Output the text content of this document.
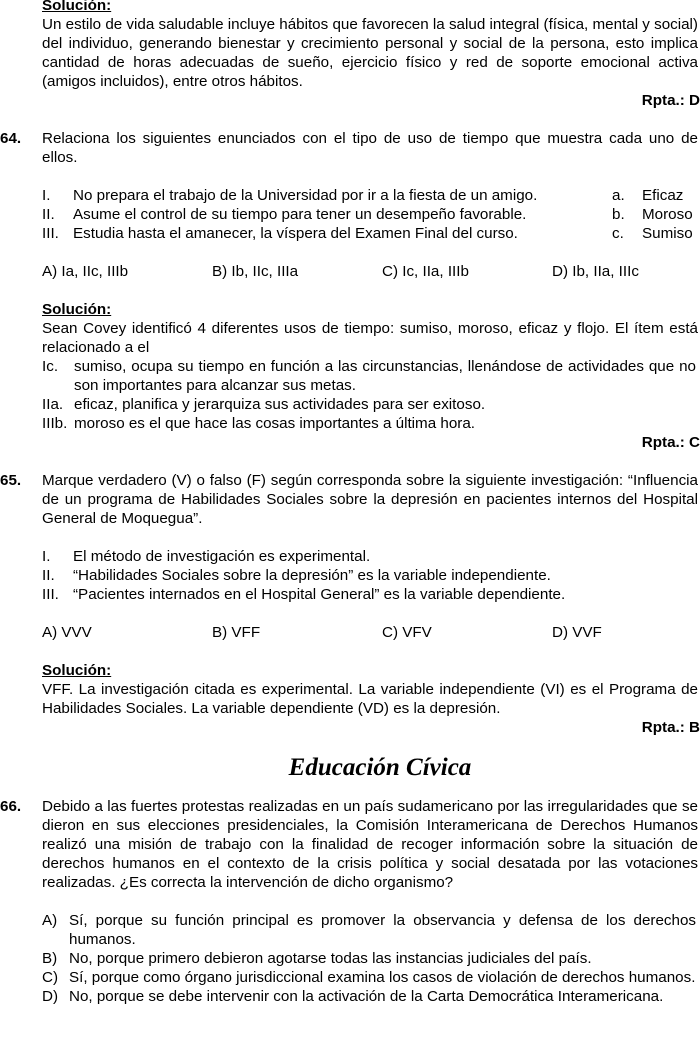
Solución:
Un estilo de vida saludable incluye hábitos que favorecen la salud integral (física, mental y social) del individuo, generando bienestar y crecimiento personal y social de la persona, esto implica cantidad de horas adecuadas de sueño, ejercicio físico y red de soporte emocional activa (amigos incluidos), entre otros hábitos.
Rpta.: D
64.	Relaciona los siguientes enunciados con el tipo de uso de tiempo que muestra cada uno de ellos.
I.	No prepara el trabajo de la Universidad por ir a la fiesta de un amigo.	a.	Eficaz
II.	Asume el control de su tiempo para tener un desempeño favorable.	b.	Moroso
III. Estudia hasta el amanecer, la víspera del Examen Final del curso.	c.	Sumiso
A) Ia, IIc, IIIb	B) Ib, IIc, IIIa	C) Ic, IIa, IIIb	D) Ib, IIa, IIIc
Solución:
Sean Covey identificó 4 diferentes usos de tiempo: sumiso, moroso, eficaz y flojo. El ítem está relacionado a el
Ic.	sumiso, ocupa su tiempo en función a las circunstancias, llenándose de actividades que no son importantes para alcanzar sus metas.
IIa. eficaz, planifica y jerarquiza sus actividades para ser exitoso.
IIIb. moroso es el que hace las cosas importantes a última hora.
Rpta.: C
65.	Marque verdadero (V) o falso (F) según corresponda sobre la siguiente investigación: “Influencia de un programa de Habilidades Sociales sobre la depresión en pacientes internos del Hospital General de Moquegua”.
I.	El método de investigación es experimental.
II.	“Habilidades Sociales sobre la depresión” es la variable independiente.
III. “Pacientes internados en el Hospital General” es la variable dependiente.
A) VVV	B) VFF	C) VFV	D) VVF
Solución:
VFF. La investigación citada es experimental. La variable independiente (VI) es el Programa de Habilidades Sociales. La variable dependiente (VD) es la depresión.
Rpta.: B
Educación Cívica
66.	Debido a las fuertes protestas realizadas en un país sudamericano por las irregularidades que se dieron en sus elecciones presidenciales, la Comisión Interamericana de Derechos Humanos realizó una misión de trabajo con la finalidad de recoger información sobre la situación de derechos humanos en el contexto de la crisis política y social desatada por las votaciones realizadas. ¿Es correcta la intervención de dicho organismo?
A) Sí, porque su función principal es promover la observancia y defensa de los derechos humanos.
B) No, porque primero debieron agotarse todas las instancias judiciales del país.
C) Sí, porque como órgano jurisdiccional examina los casos de violación de derechos humanos.
D) No, porque se debe intervenir con la activación de la Carta Democrática Interamericana.
